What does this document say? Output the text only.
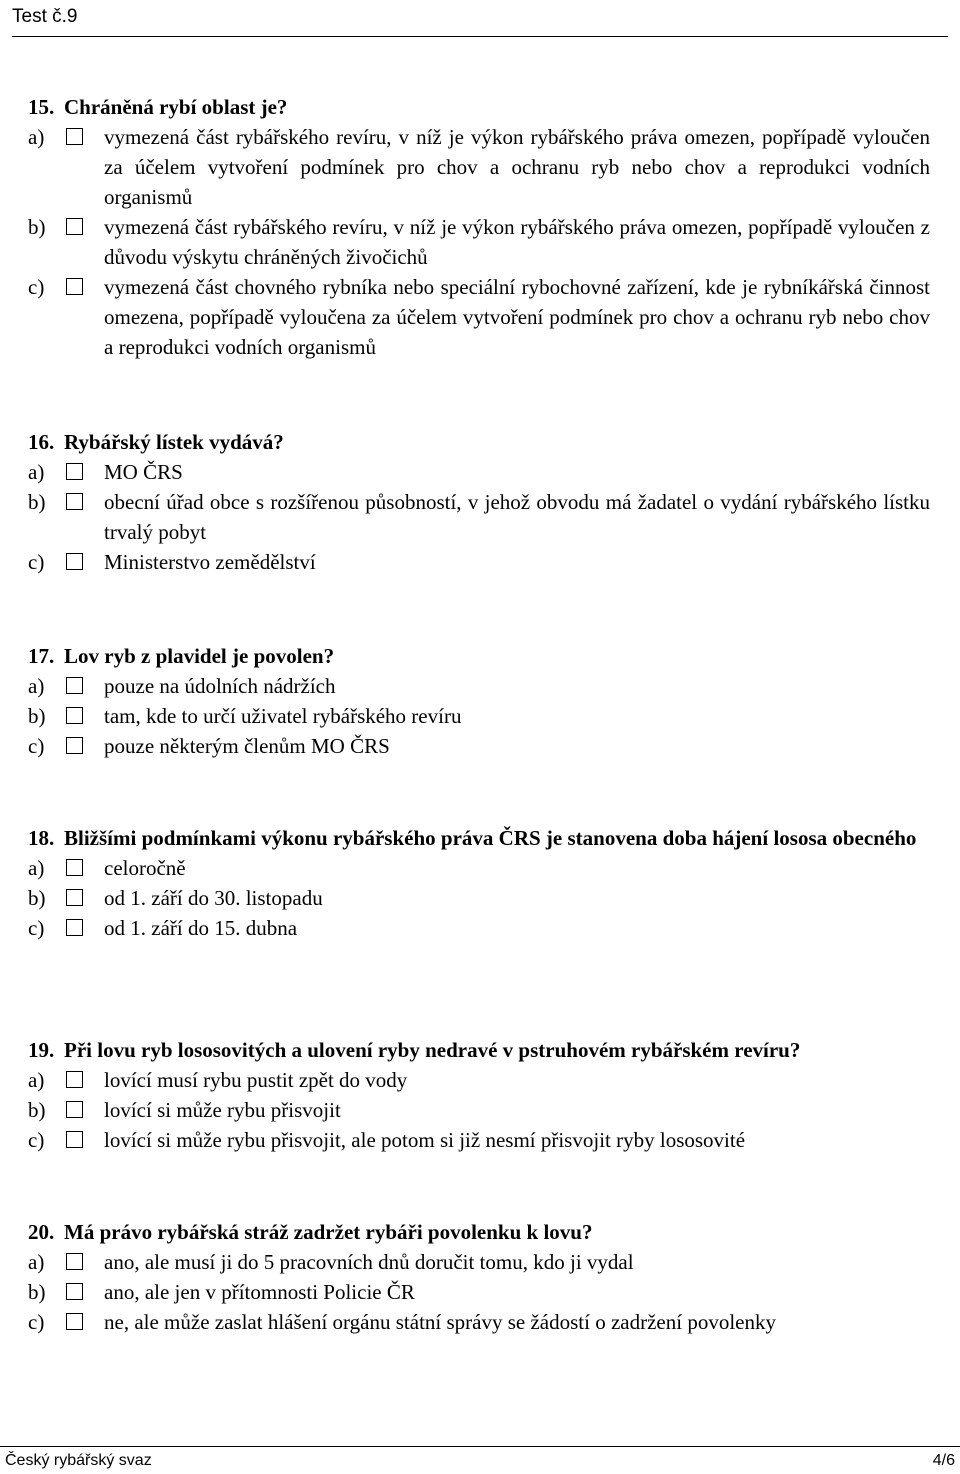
Test č.9
15. Chráněná rybí oblast je?
a)	vymezená část rybářského revíru, v níž je výkon rybářského práva omezen, popřípadě vyloučen za účelem vytvoření podmínek pro chov a ochranu ryb nebo chov a reprodukci vodních organismů
b)	vymezená část rybářského revíru, v níž je výkon rybářského práva omezen, popřípadě vyloučen z důvodu výskytu chráněných živočichů
c)	vymezená část chovného rybníka nebo speciální rybochovné zařízení, kde je rybníkářská činnost omezena, popřípadě vyloučena za účelem vytvoření podmínek pro chov a ochranu ryb nebo chov a reprodukci vodních organismů
16. Rybářský lístek vydává?
a)	MO ČRS
b)	obecní úřad obce s rozšířenou působností, v jehož obvodu má žadatel o vydání rybářského lístku trvalý pobyt
c)	Ministerstvo zemědělství
17. Lov ryb z plavidel je povolen?
a)	pouze na údolních nádržích
b)	tam, kde to určí uživatel rybářského revíru
c)	pouze některým členům MO ČRS
18. Bližšími podmínkami výkonu rybářského práva ČRS je stanovena doba hájení lososa obecného
a)	celoročně
b)	od 1. září do 30. listopadu
c)	od 1. září do 15. dubna
19. Při lovu ryb lososovitých a ulovení ryby nedravé v pstruhovém rybářském revíru?
a)	lovící musí rybu pustit zpět do vody
b)	lovící si může rybu přisvojit
c)	lovící si může rybu přisvojit, ale potom si již nesmí přisvojit ryby lososovité
20. Má právo rybářská stráž zadržet rybáři povolenku k lovu?
a)	ano, ale musí ji do 5 pracovních dnů doručit tomu, kdo ji vydal
b)	ano, ale jen v přítomnosti Policie ČR
c)	ne, ale může zaslat hlášení orgánu státní správy se žádostí o zadržení povolenky
Český rybářský svaz	4/6
